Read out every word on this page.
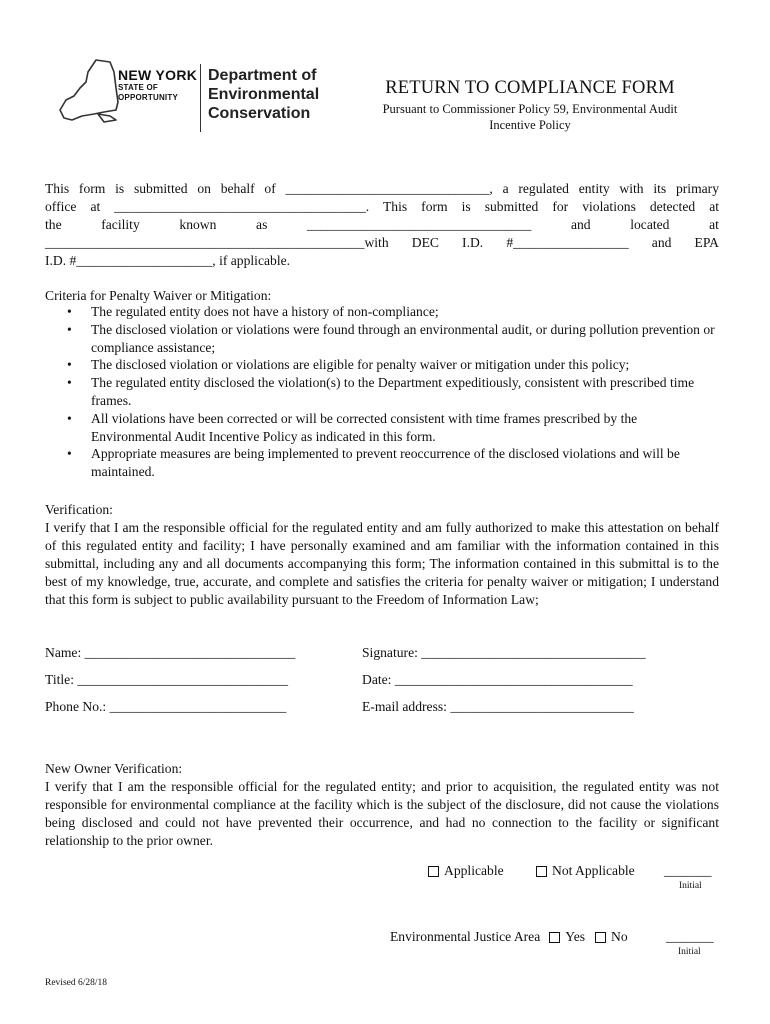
NEW YORK
STATE OF
OPPORTUNITY
Department of
Environmental
Conservation
RETURN TO COMPLIANCE FORM
Pursuant to Commissioner Policy 59, Environmental Audit
Incentive Policy
This form is submitted on behalf of ______________________________, a regulated entity with its primary
office at _____________________________________. This form is submitted for violations detected at
the	facility	known	as	_________________________________	and	located	at
_______________________________________________with DEC I.D. #_________________ and EPA
I.D. #____________________, if applicable.
Criteria for Penalty Waiver or Mitigation:
• The regulated entity does not have a history of non-compliance;
• The disclosed violation or violations were found through an environmental audit, or during pollution prevention or compliance assistance;
• The disclosed violation or violations are eligible for penalty waiver or mitigation under this policy;
• The regulated entity disclosed the violation(s) to the Department expeditiously, consistent with prescribed time frames.
• All violations have been corrected or will be corrected consistent with time frames prescribed by the Environmental Audit Incentive Policy as indicated in this form.
• Appropriate measures are being implemented to prevent reoccurrence of the disclosed violations and will be maintained.
Verification:
I verify that I am the responsible official for the regulated entity and am fully authorized to make this attestation on behalf of this regulated entity and facility; I have personally examined and am familiar with the information contained in this submittal, including any and all documents accompanying this form; The information contained in this submittal is to the best of my knowledge, true, accurate, and complete and satisfies the criteria for penalty waiver or mitigation; I understand that this form is subject to public availability pursuant to the Freedom of Information Law;
Name: _______________________________	Signature: _________________________________
Title: _______________________________	Date: ___________________________________
Phone No.: __________________________	E-mail address: ___________________________
New Owner Verification:
I verify that I am the responsible official for the regulated entity; and prior to acquisition, the regulated entity was not responsible for environmental compliance at the facility which is the subject of the disclosure, did not cause the violations being disclosed and could not have prevented their occurrence, and had no connection to the facility or significant relationship to the prior owner.
Applicable	Not Applicable _______
Initial
Environmental Justice Area Yes No	_______
Initial
Revised 6/28/18
